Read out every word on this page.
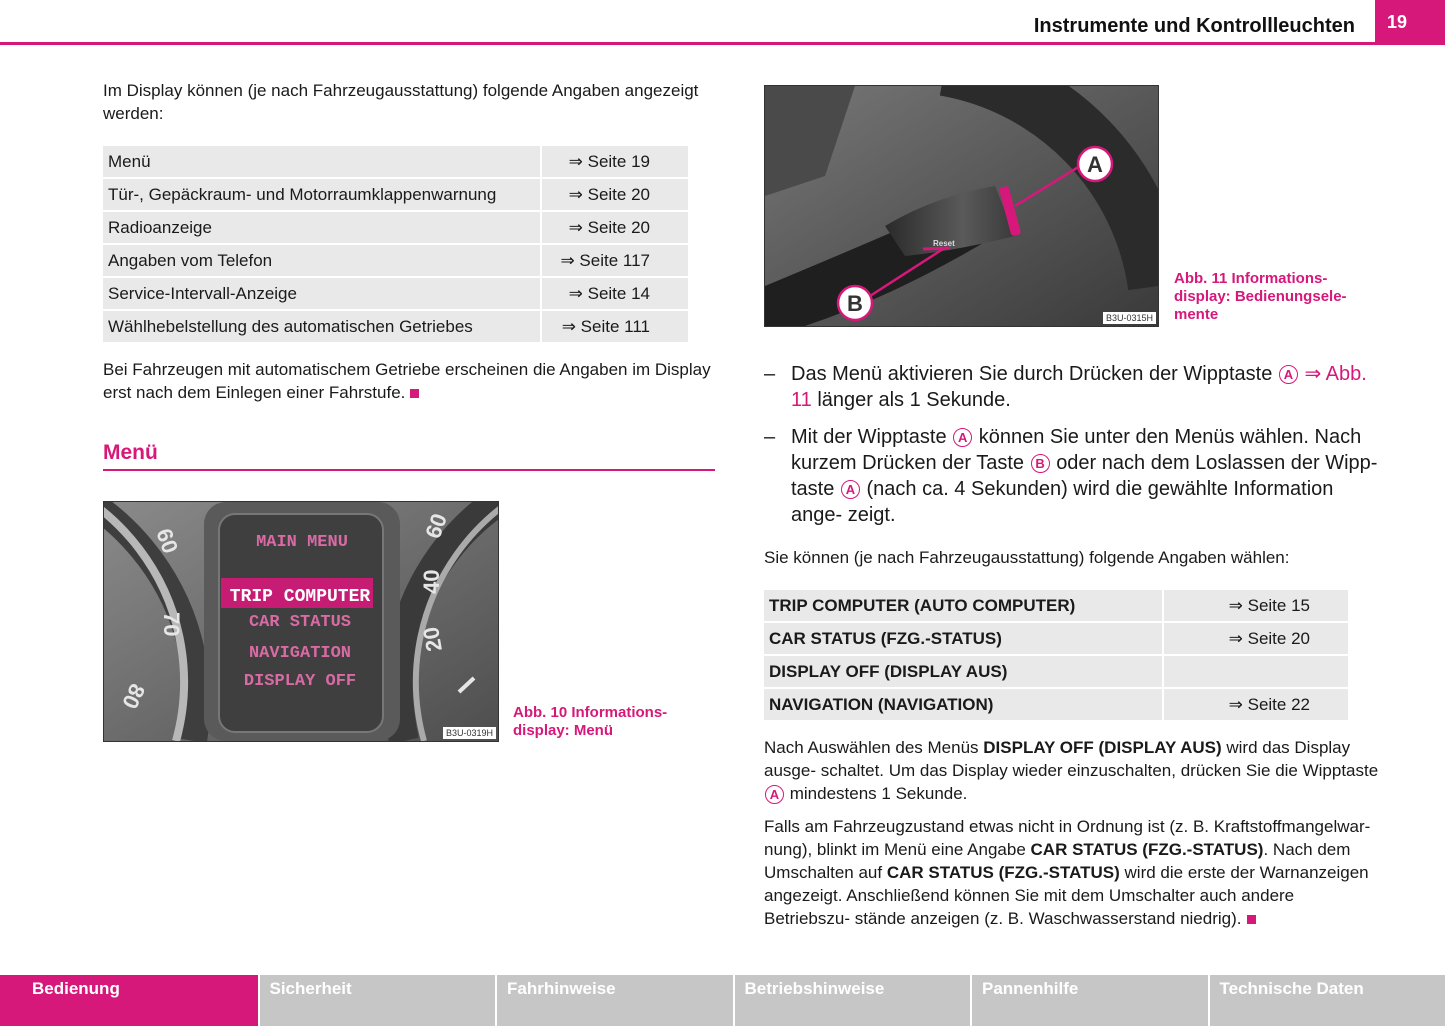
Instrumente und Kontrollleuchten	19
Im Display können (je nach Fahrzeugausstattung) folgende Angaben angezeigt werden:
Menü	⇒ Seite 19
Tür-, Gepäckraum- und Motorraumklappenwarnung	⇒ Seite 20
Radioanzeige	⇒ Seite 20
Angaben vom Telefon	⇒ Seite 117
Service-Intervall-Anzeige	⇒ Seite 14
Wählhebelstellung des automatischen Getriebes	⇒ Seite 111
Bei Fahrzeugen mit automatischem Getriebe erscheinen die Angaben im Display erst nach dem Einlegen einer Fahrstufe.
Menü
MAIN MENU
TRIP COMPUTER
CAR STATUS
NAVIGATION
DISPLAY OFF
60
70
80
60
40
20
B3U-0319H
Abb. 10 Informations-
display: Menü
Reset
A
B
B3U-0315H
Abb. 11 Informations-
display: Bedienungsele-
mente
– Das Menü aktivieren Sie durch Drücken der Wipptaste A ⇒ Abb. 11 länger als 1 Sekunde.
– Mit der Wipptaste A können Sie unter den Menüs wählen. Nach kurzem Drücken der Taste B oder nach dem Loslassen der Wipp- taste A (nach ca. 4 Sekunden) wird die gewählte Information ange- zeigt.
Sie können (je nach Fahrzeugausstattung) folgende Angaben wählen:
TRIP COMPUTER (AUTO COMPUTER)	⇒ Seite 15
CAR STATUS (FZG.-STATUS)	⇒ Seite 20
DISPLAY OFF (DISPLAY AUS)	
NAVIGATION (NAVIGATION)	⇒ Seite 22
Nach Auswählen des Menüs DISPLAY OFF (DISPLAY AUS) wird das Display ausge- schaltet. Um das Display wieder einzuschalten, drücken Sie die Wipptaste A mindestens 1 Sekunde.
Falls am Fahrzeugzustand etwas nicht in Ordnung ist (z. B. Kraftstoffmangelwar- nung), blinkt im Menü eine Angabe CAR STATUS (FZG.-STATUS). Nach dem Umschalten auf CAR STATUS (FZG.-STATUS) wird die erste der Warnanzeigen angezeigt. Anschließend können Sie mit dem Umschalter auch andere Betriebszu- stände anzeigen (z. B. Waschwasserstand niedrig).
Bedienung	Sicherheit	Fahrhinweise	Betriebshinweise	Pannenhilfe	Technische Daten
